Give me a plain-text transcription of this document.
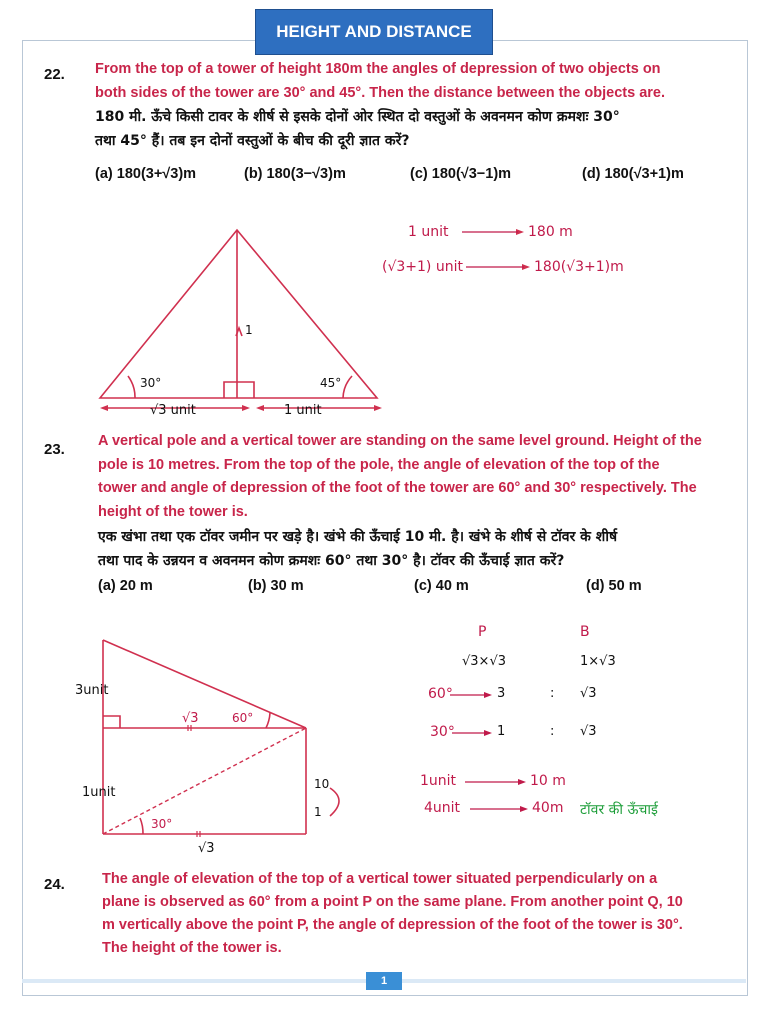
HEIGHT AND DISTANCE
22. From the top of a tower of height 180m the angles of depression of two objects on
both sides of the tower are 30° and 45°. Then the distance between the objects are.
180 मी. ऊँचे किसी टावर के शीर्ष से इसके दोनों ओर स्थित दो वस्तुओं के अवनमन कोण क्रमशः 30°
तथा 45° हैं। तब इन दोनों वस्तुओं के बीच की दूरी ज्ञात करें?
(a) 180(3+√3)m	(b) 180(3−√3)m	(c) 180(√3−1)m	(d) 180(√3+1)m
30°	45°
1
√3 unit	1 unit
1 unit	180 m
(√3+1) unit	180(√3+1)m
23. A vertical pole and a vertical tower are standing on the same level ground. Height of the
pole is 10 metres. From the top of the pole, the angle of elevation of the top of the
tower and angle of depression of the foot of the tower are 60° and 30° respectively. The
height of the tower is.
एक खंभा तथा एक टॉवर जमीन पर खड़े है। खंभे की ऊँचाई 10 मी. है। खंभे के शीर्ष से टॉवर के शीर्ष
तथा पाद के उन्नयन व अवनमन कोण क्रमशः 60° तथा 30° है। टॉवर की ऊँचाई ज्ञात करें?
(a) 20 m	(b) 30 m	(c) 40 m	(d) 50 m
3unit
1unit
√3	60°
30°
√3
10
1
P	B
√3×√3	1×√3
60°	3	: √3
30°	1	: √3
1unit	10 m
4unit	40m टॉवर की ऊँचाई
24.	The angle of elevation of the top of a vertical tower situated perpendicularly on a
plane is observed as 60° from a point P on the same plane. From another point Q, 10
m vertically above the point P, the angle of depression of the foot of the tower is 30°.
The height of the tower is.
1
